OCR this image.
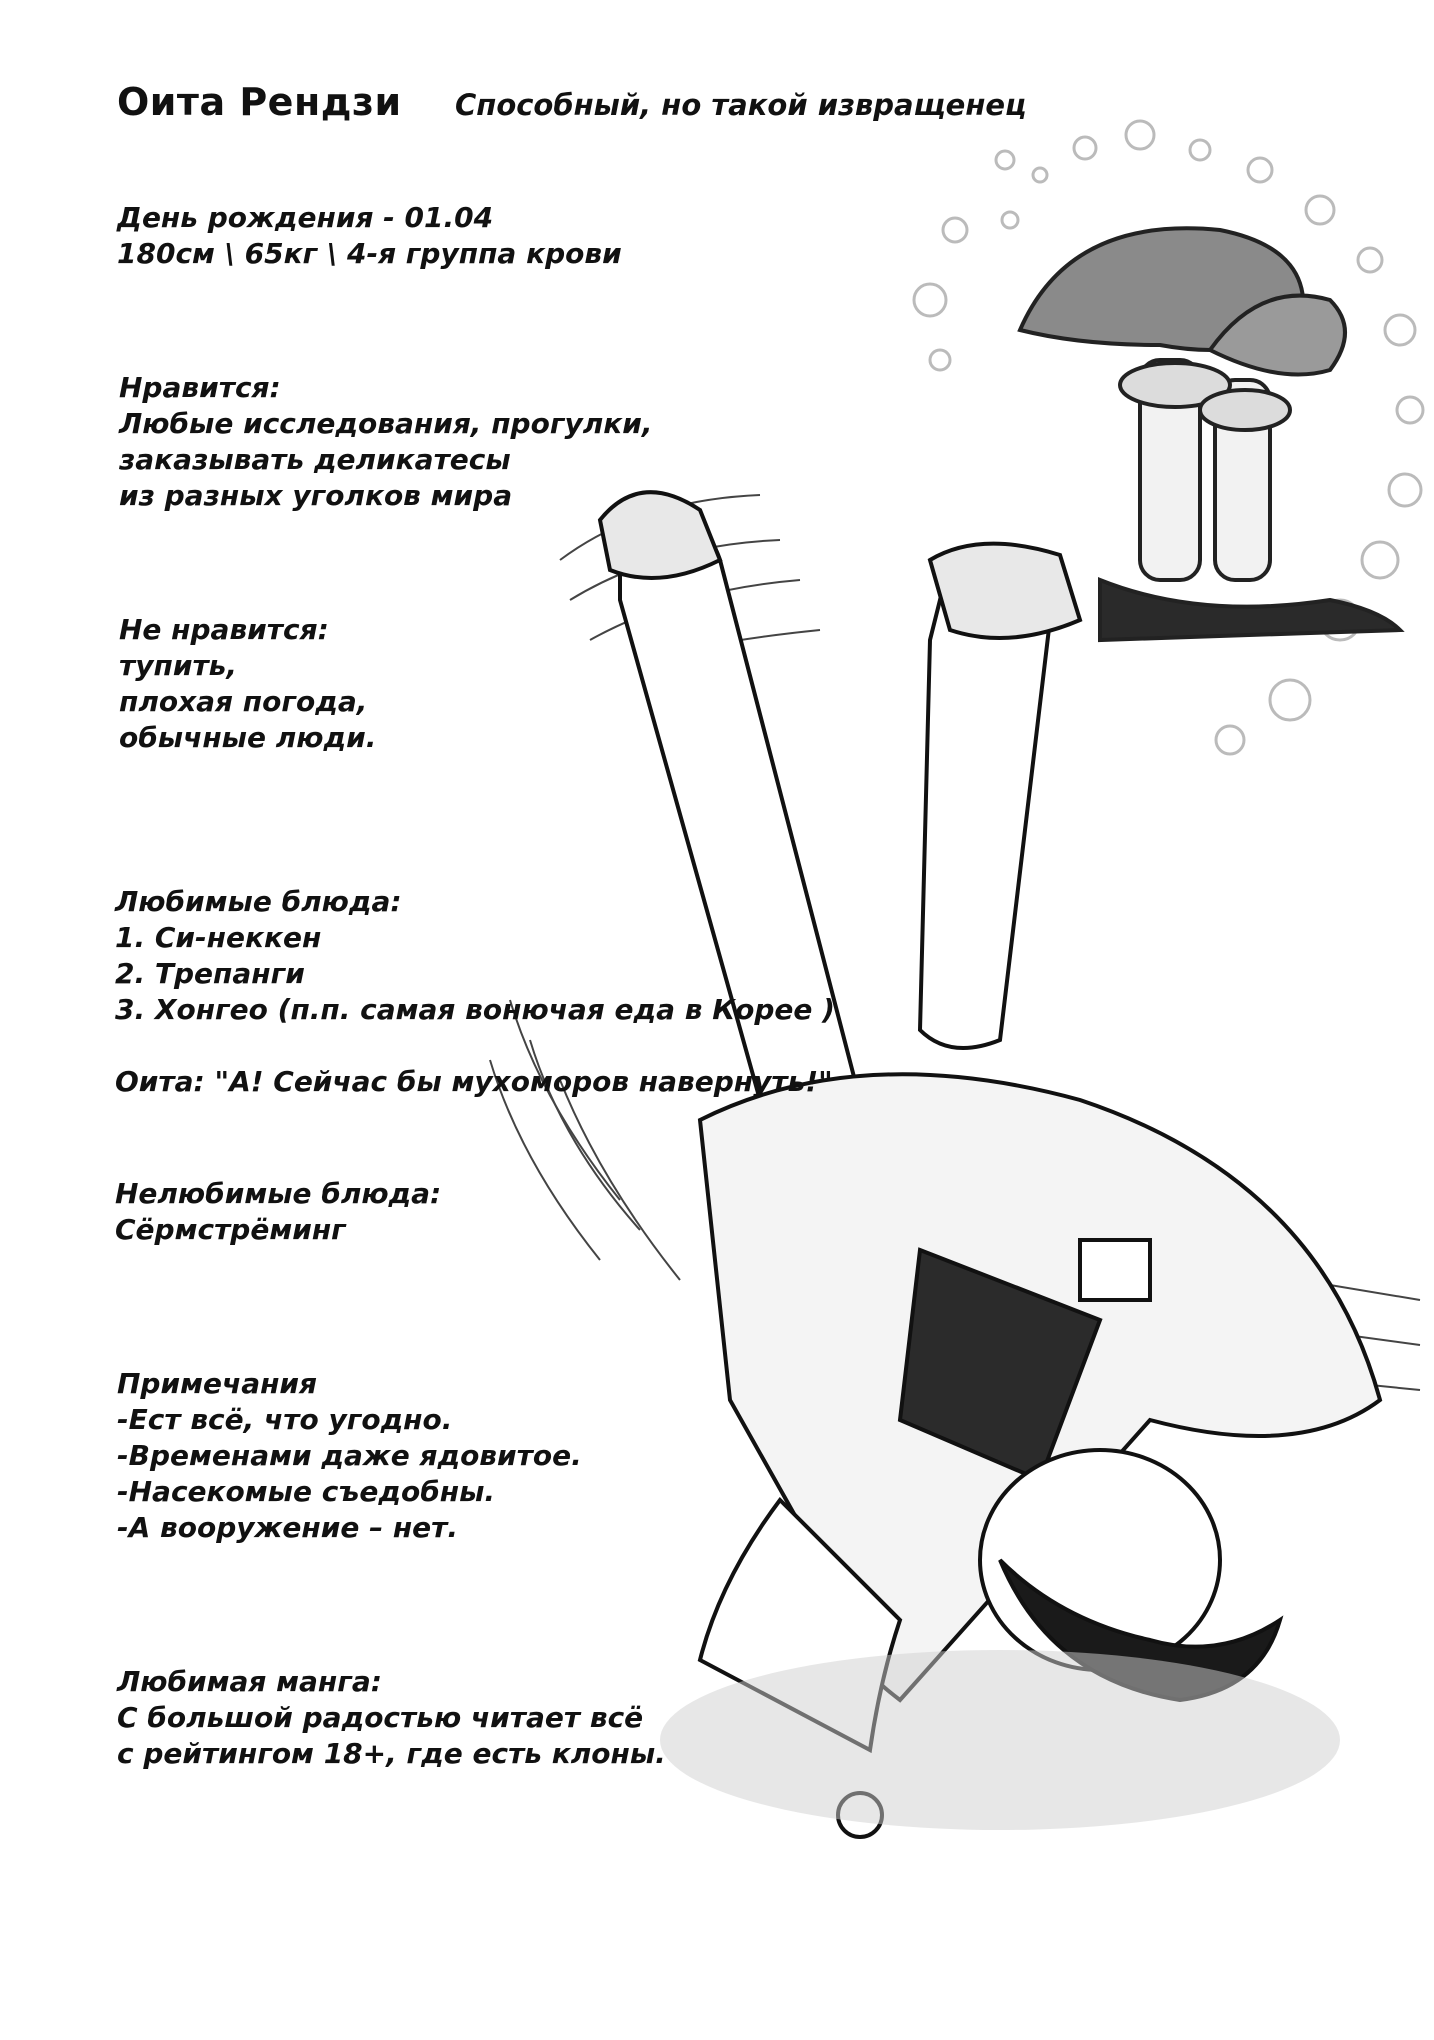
Оита Рендзи Способный, но такой извращенец
День рождения - 01.04
180см \ 65кг \ 4-я группа крови
Нравится:
Любые исследования, прогулки,
заказывать деликатесы
из разных уголков мира
Не нравится:
тупить,
плохая погода,
обычные люди.
Любимые блюда:
1. Си-неккен
2. Трепанги
3. Хонгео (п.п. самая вонючая еда в Корее )
Оита: "А! Сейчас бы мухоморов навернуть!"
Нелюбимые блюда:
Сёрмстрёминг
Примечания
-Ест всё, что угодно.
-Временами даже ядовитое.
-Насекомые съедобны.
-А вооружение – нет.
Любимая манга:
С большой радостью читает всё
с рейтингом 18+, где есть клоны.
